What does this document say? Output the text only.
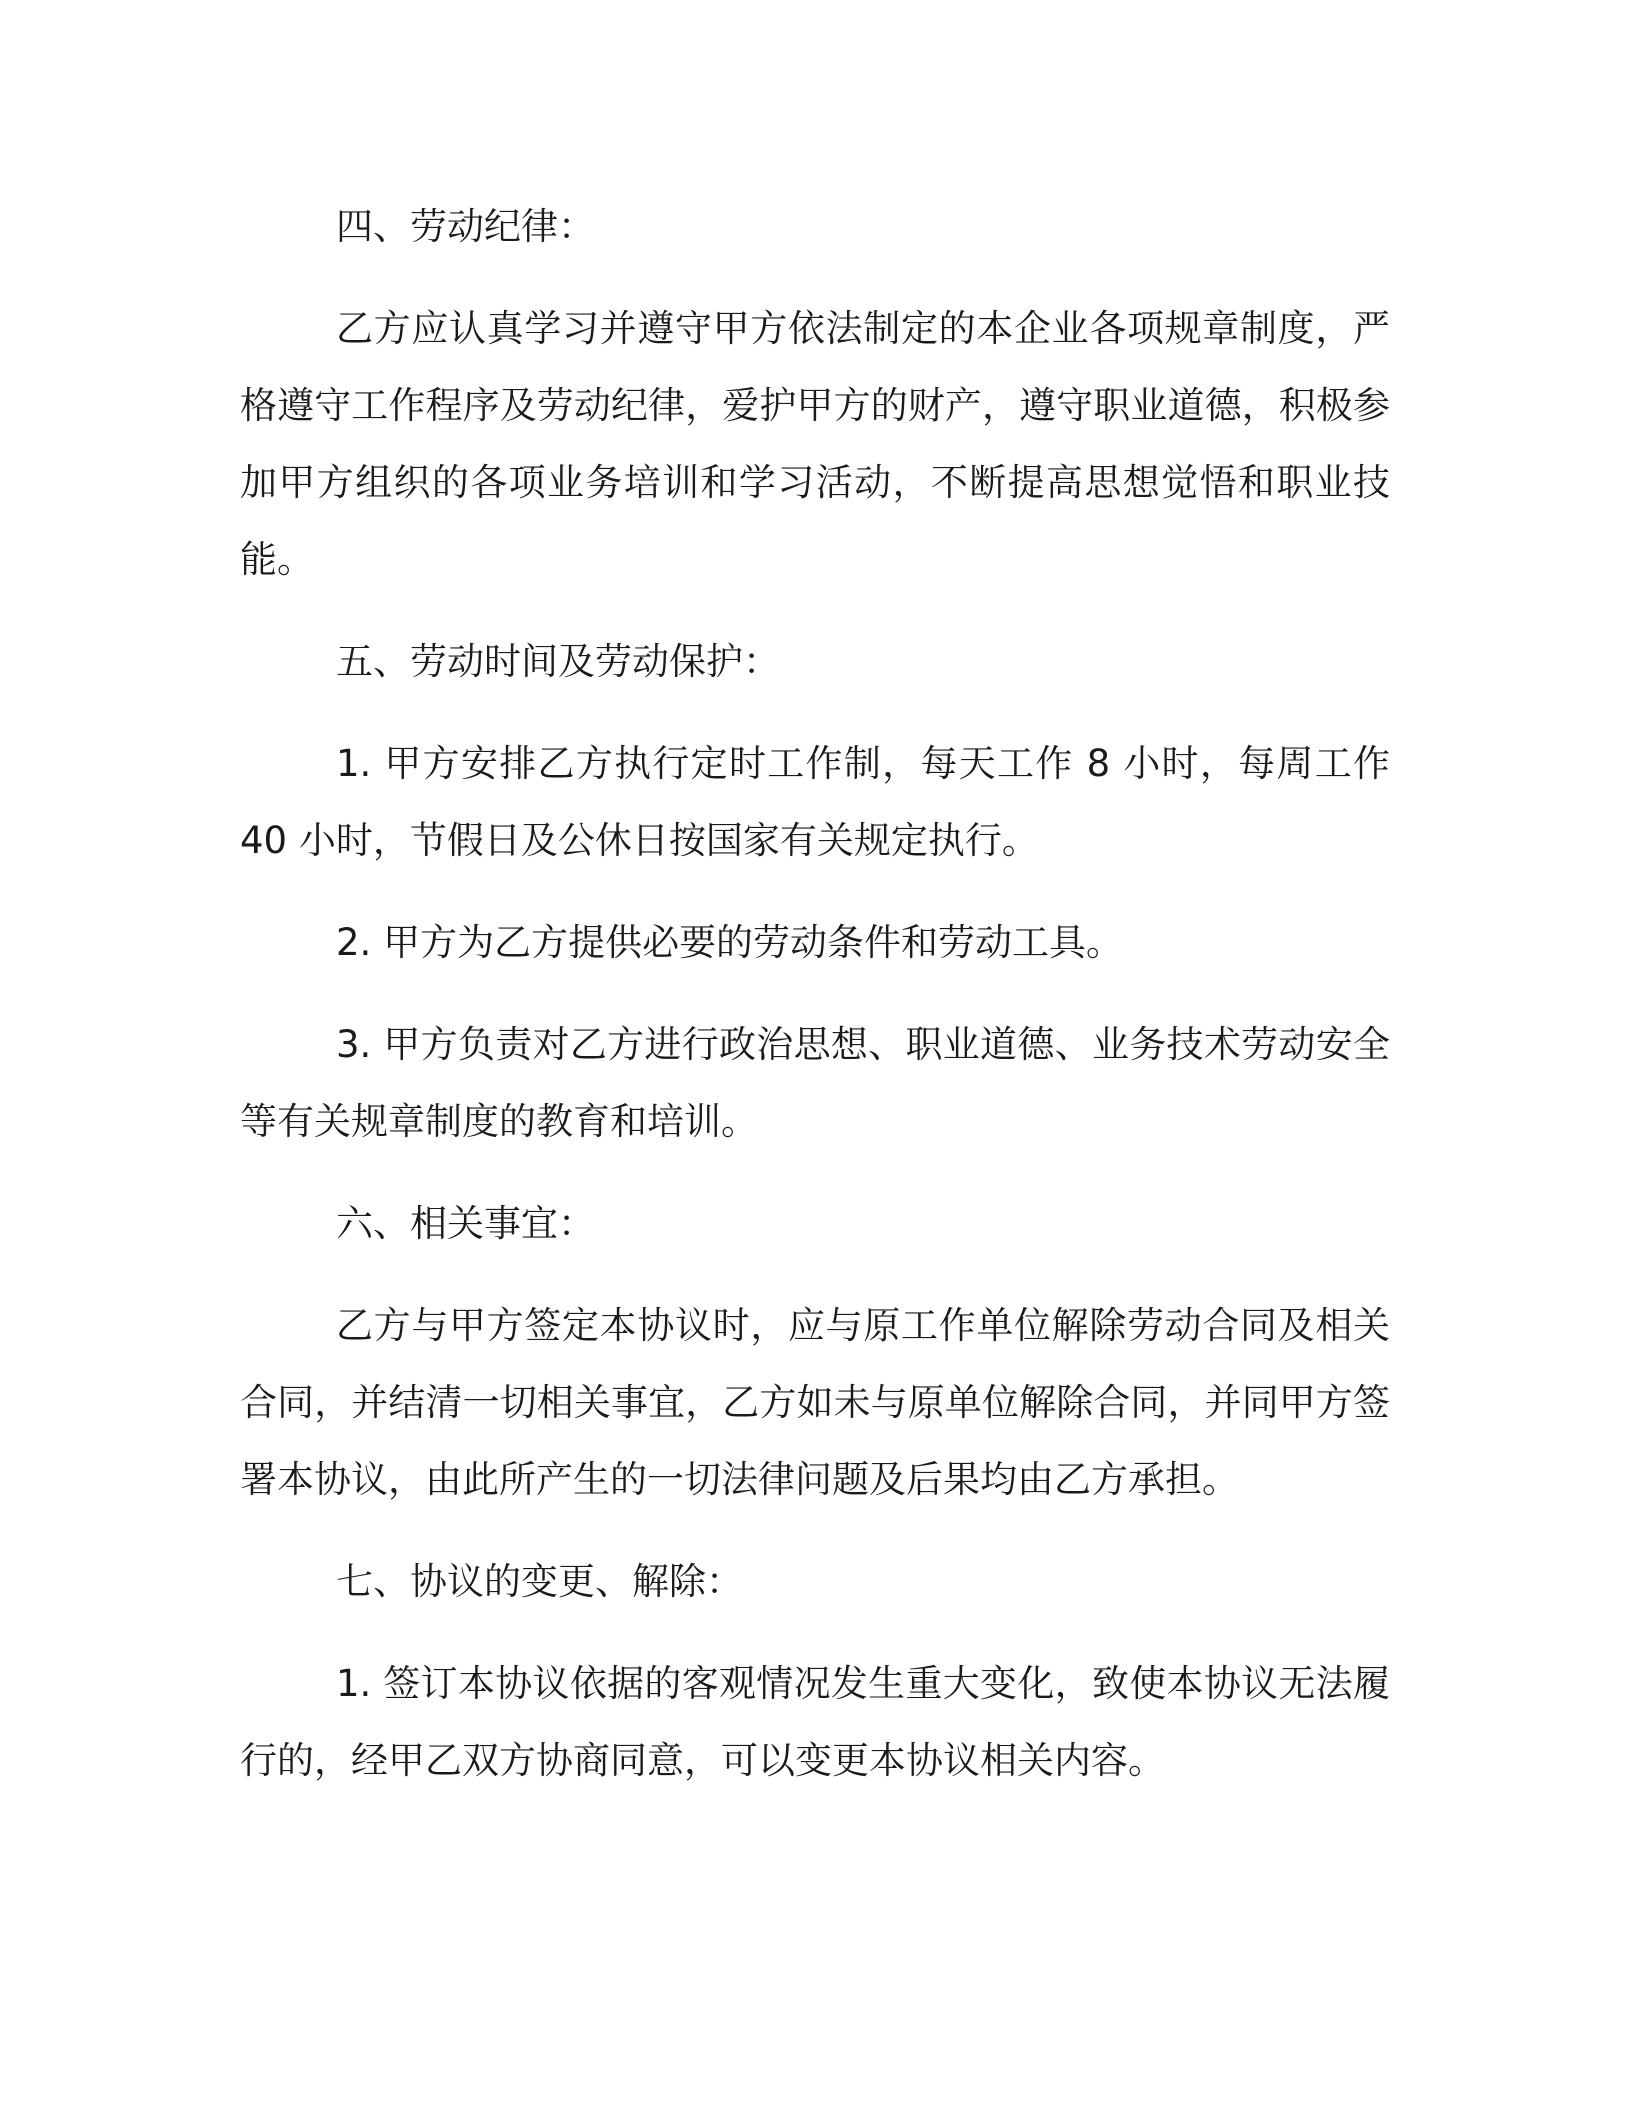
四、劳动纪律：

乙方应认真学习并遵守甲方依法制定的本企业各项规章制度，严格遵守工作程序及劳动纪律，爱护甲方的财产，遵守职业道德，积极参加甲方组织的各项业务培训和学习活动，不断提高思想觉悟和职业技能。

五、劳动时间及劳动保护：

1. 甲方安排乙方执行定时工作制，每天工作 8 小时，每周工作 40 小时，节假日及公休日按国家有关规定执行。

2. 甲方为乙方提供必要的劳动条件和劳动工具。

3. 甲方负责对乙方进行政治思想、职业道德、业务技术劳动安全等有关规章制度的教育和培训。

六、相关事宜：

乙方与甲方签定本协议时，应与原工作单位解除劳动合同及相关合同，并结清一切相关事宜，乙方如未与原单位解除合同，并同甲方签署本协议，由此所产生的一切法律问题及后果均由乙方承担。

七、协议的变更、解除：

1. 签订本协议依据的客观情况发生重大变化，致使本协议无法履行的，经甲乙双方协商同意，可以变更本协议相关内容。
